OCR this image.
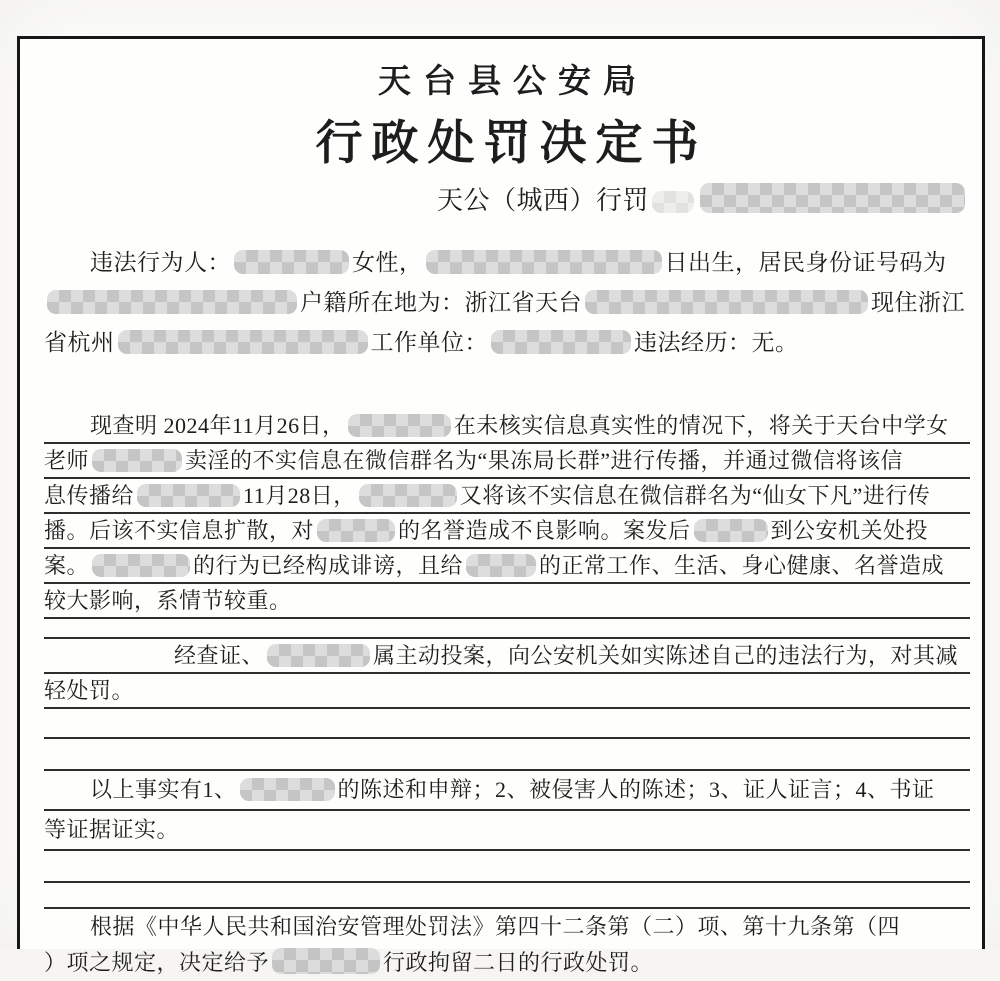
天台县公安局
行政处罚决定书
天公（城西）行罚
违法行为人：	女性，	日出生，居民身份证号码为
户籍所在地为：浙江省天台	现住浙江
省杭州	工作单位：	违法经历：无。
现查明 2024年11月26日，	在未核实信息真实性的情况下，将关于天台中学女
老师	卖淫的不实信息在微信群名为“果冻局长群”进行传播，并通过微信将该信
息传播给	11月28日，	又将该不实信息在微信群名为“仙女下凡”进行传
播。后该不实信息扩散，对	的名誉造成不良影响。案发后	到公安机关处投
案。	的行为已经构成诽谤，且给	的正常工作、生活、身心健康、名誉造成
较大影响，系情节较重。
经查证、	属主动投案，向公安机关如实陈述自己的违法行为，对其减
轻处罚。
以上事实有1、	的陈述和申辩；2、被侵害人的陈述；3、证人证言；4、书证
等证据证实。
根据《中华人民共和国治安管理处罚法》第四十二条第（二）项、第十九条第（四
）项之规定，决定给予	行政拘留二日的行政处罚。
